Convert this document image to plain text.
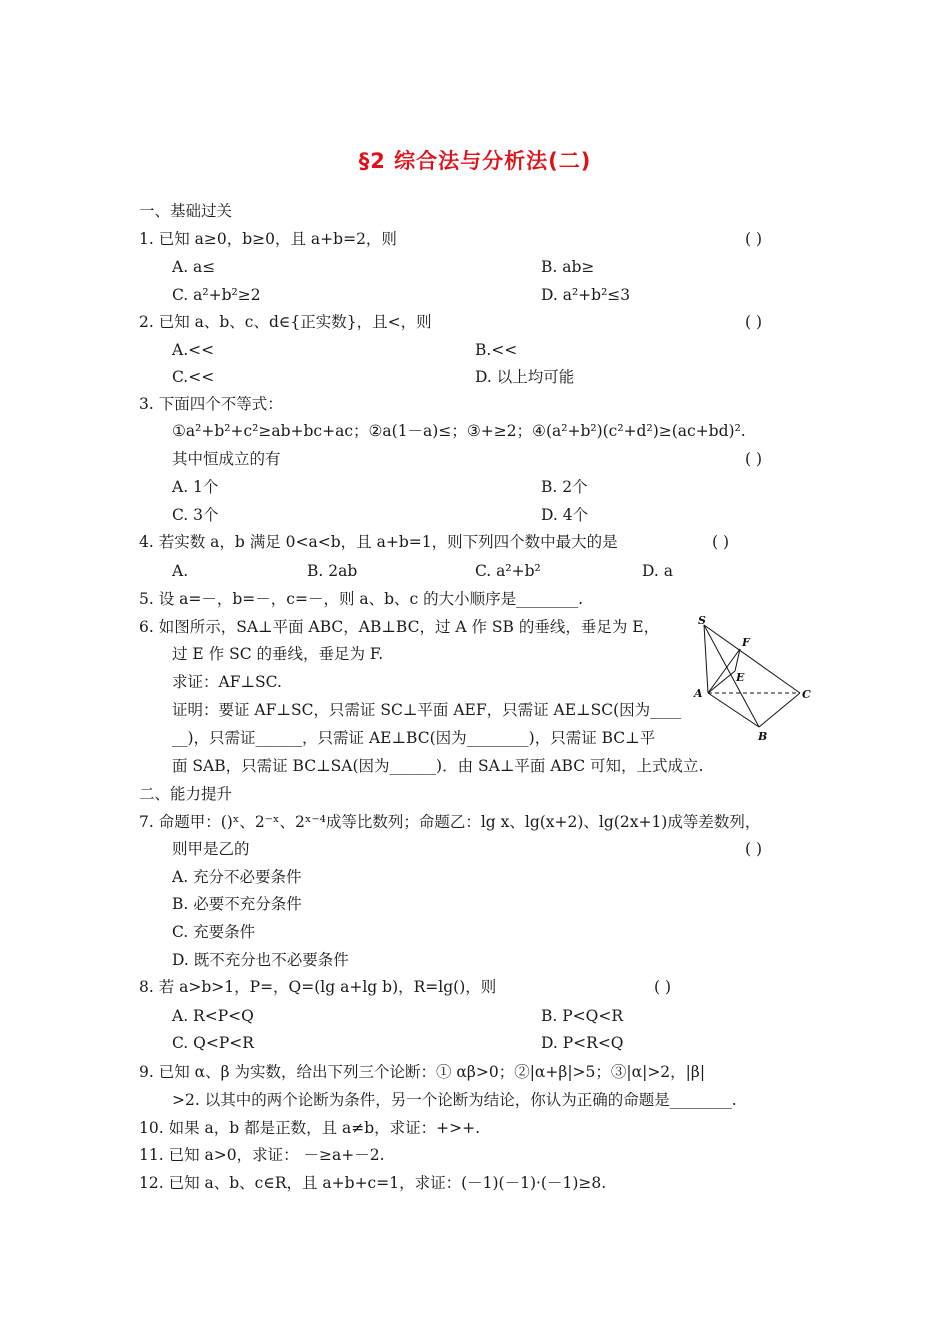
§2 综合法与分析法(二)
一、基础过关
1. 已知 a≥0，b≥0，且 a+b=2，则	( )
A. a≤	B. ab≥
C. a²+b²≥2	D. a²+b²≤3
2. 已知 a、b、c、d∈{正实数}，且<，则	( )
A.<<	B.<<
C.<<	D. 以上均可能
3. 下面四个不等式：
①a²+b²+c²≥ab+bc+ac；②a(1－a)≤；③+≥2；④(a²+b²)(c²+d²)≥(ac+bd)².
其中恒成立的有	( )
A. 1个	B. 2个
C. 3个	D. 4个
4. 若实数 a，b 满足 0<a<b，且 a+b=1，则下列四个数中最大的是	( )
A.	B. 2ab	C. a²+b²	D. a
5. 设 a=－，b=－，c=－，则 a、b、c 的大小顺序是________.
6. 如图所示，SA⊥平面 ABC，AB⊥BC，过 A 作 SB 的垂线，垂足为 E，
过 E 作 SC 的垂线，垂足为 F.
求证：AF⊥SC.
证明：要证 AF⊥SC，只需证 SC⊥平面 AEF，只需证 AE⊥SC(因为____
__)，只需证______，只需证 AE⊥BC(因为________)，只需证 BC⊥平
面 SAB，只需证 BC⊥SA(因为______)．由 SA⊥平面 ABC 可知，上式成立.
S
F
E
A	C
B
二、能力提升
7. 命题甲：()ˣ、2⁻ˣ、2ˣ⁻⁴成等比数列；命题乙：lg x、lg(x+2)、lg(2x+1)成等差数列，
则甲是乙的	( )
A. 充分不必要条件
B. 必要不充分条件
C. 充要条件
D. 既不充分也不必要条件
8. 若 a>b>1，P=，Q=(lg a+lg b)，R=lg()，则	( )
A. R<P<Q	B. P<Q<R
C. Q<P<R	D. P<R<Q
9. 已知 α、β 为实数，给出下列三个论断：① αβ>0；②|α+β|>5；③|α|>2，|β|
>2. 以其中的两个论断为条件，另一个论断为结论，你认为正确的命题是________.
10. 如果 a，b 都是正数，且 a≠b，求证：+>+.
11. 已知 a>0，求证： －≥a+－2.
12. 已知 a、b、c∈R，且 a+b+c=1，求证：(－1)(－1)·(－1)≥8.
